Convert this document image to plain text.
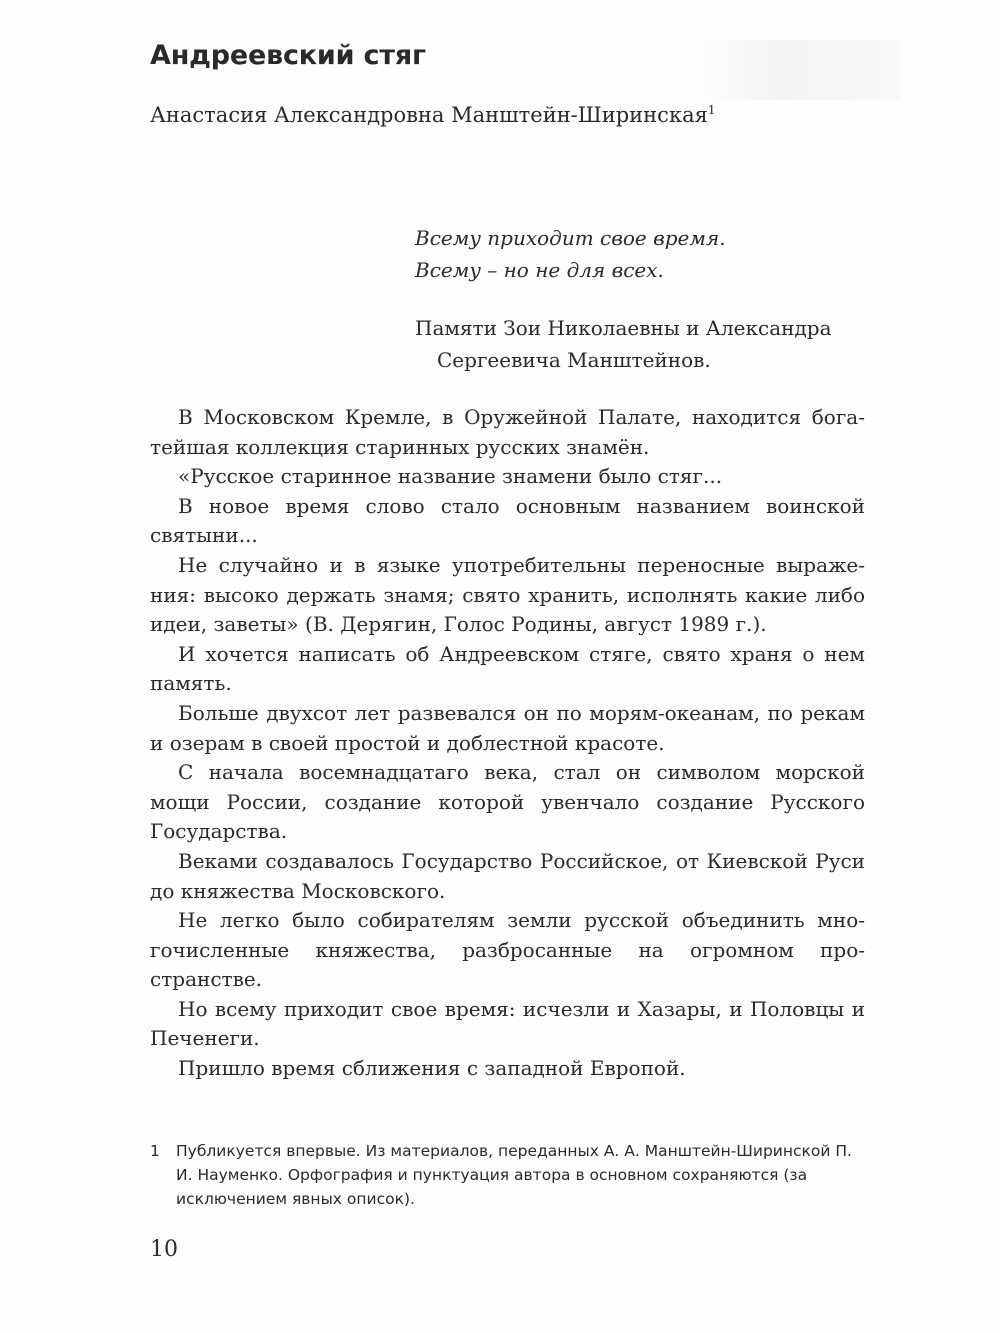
Андреевский стяг

Анастасия Александровна Манштейн-Ширинская$^1$

Всему приходит свое время.
Всему – но не для всех.
Памяти Зои Николаевны и Александра
Сергеевича Манштейнов.

В Московском Кремле, в Оружейной Палате, находится богатейшая коллекция старинных русских знамён.

«Русское старинное название знамени было стяг...

В новое время слово стало основным названием воинской святыни...

Не случайно и в языке употребительны переносные выражения: высоко держать знамя; свято хранить, исполнять какие либо идеи, заветы» (В. Дерягин, Голос Родины, август 1989 г.).

И хочется написать об Андреевском стяге, свято храня о нем память.

Больше двухсот лет развевался он по морям-океанам, по рекам и озерам в своей простой и доблестной красоте.

С начала восемнадцатаго века, стал он символом морской мощи России, создание которой увенчало создание Русского Государства.

Веками создавалось Государство Российское, от Киевской Руси до княжества Московского.

Не легко было собирателям земли русской объединить многочисленные княжества, разбросанные на огромном пространстве.

Но всему приходит свое время: исчезли и Хазары, и Половцы и Печенеги.

Пришло время сближения с западной Европой.

1	Публикуется впервые. Из материалов, переданных А. А. Манштейн-Ширинской П. И. Науменко. Орфография и пунктуация автора в основном сохраняются (за исключением явных описок).

10
